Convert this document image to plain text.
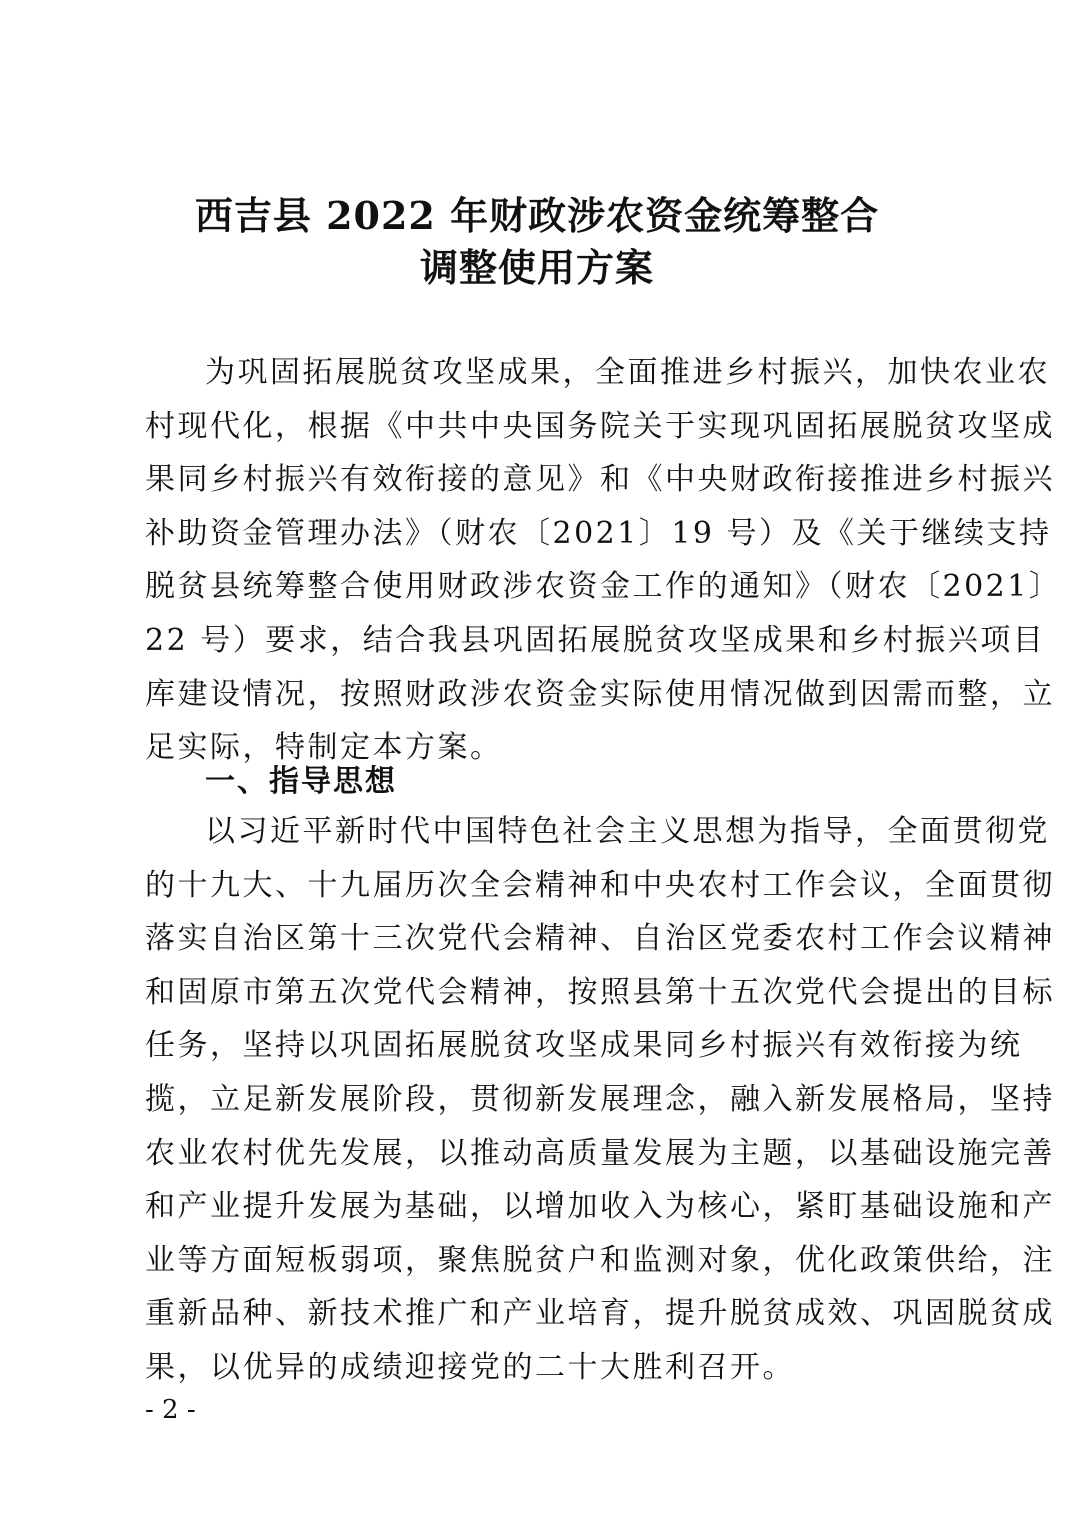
西吉县 2022 年财政涉农资金统筹整合
调整使用方案
为巩固拓展脱贫攻坚成果，全面推进乡村振兴，加快农业农
村现代化，根据《中共中央国务院关于实现巩固拓展脱贫攻坚成
果同乡村振兴有效衔接的意见》和《中央财政衔接推进乡村振兴
补助资金管理办法》（财农〔2021〕19 号）及《关于继续支持
脱贫县统筹整合使用财政涉农资金工作的通知》（财农〔2021〕
22 号）要求，结合我县巩固拓展脱贫攻坚成果和乡村振兴项目
库建设情况，按照财政涉农资金实际使用情况做到因需而整，立
足实际，特制定本方案。
一、指导思想
以习近平新时代中国特色社会主义思想为指导，全面贯彻党
的十九大、十九届历次全会精神和中央农村工作会议，全面贯彻
落实自治区第十三次党代会精神、自治区党委农村工作会议精神
和固原市第五次党代会精神，按照县第十五次党代会提出的目标
任务，坚持以巩固拓展脱贫攻坚成果同乡村振兴有效衔接为统
揽，立足新发展阶段，贯彻新发展理念，融入新发展格局，坚持
农业农村优先发展，以推动高质量发展为主题，以基础设施完善
和产业提升发展为基础，以增加收入为核心，紧盯基础设施和产
业等方面短板弱项，聚焦脱贫户和监测对象，优化政策供给，注
重新品种、新技术推广和产业培育，提升脱贫成效、巩固脱贫成
果，以优异的成绩迎接党的二十大胜利召开。
- 2 -
